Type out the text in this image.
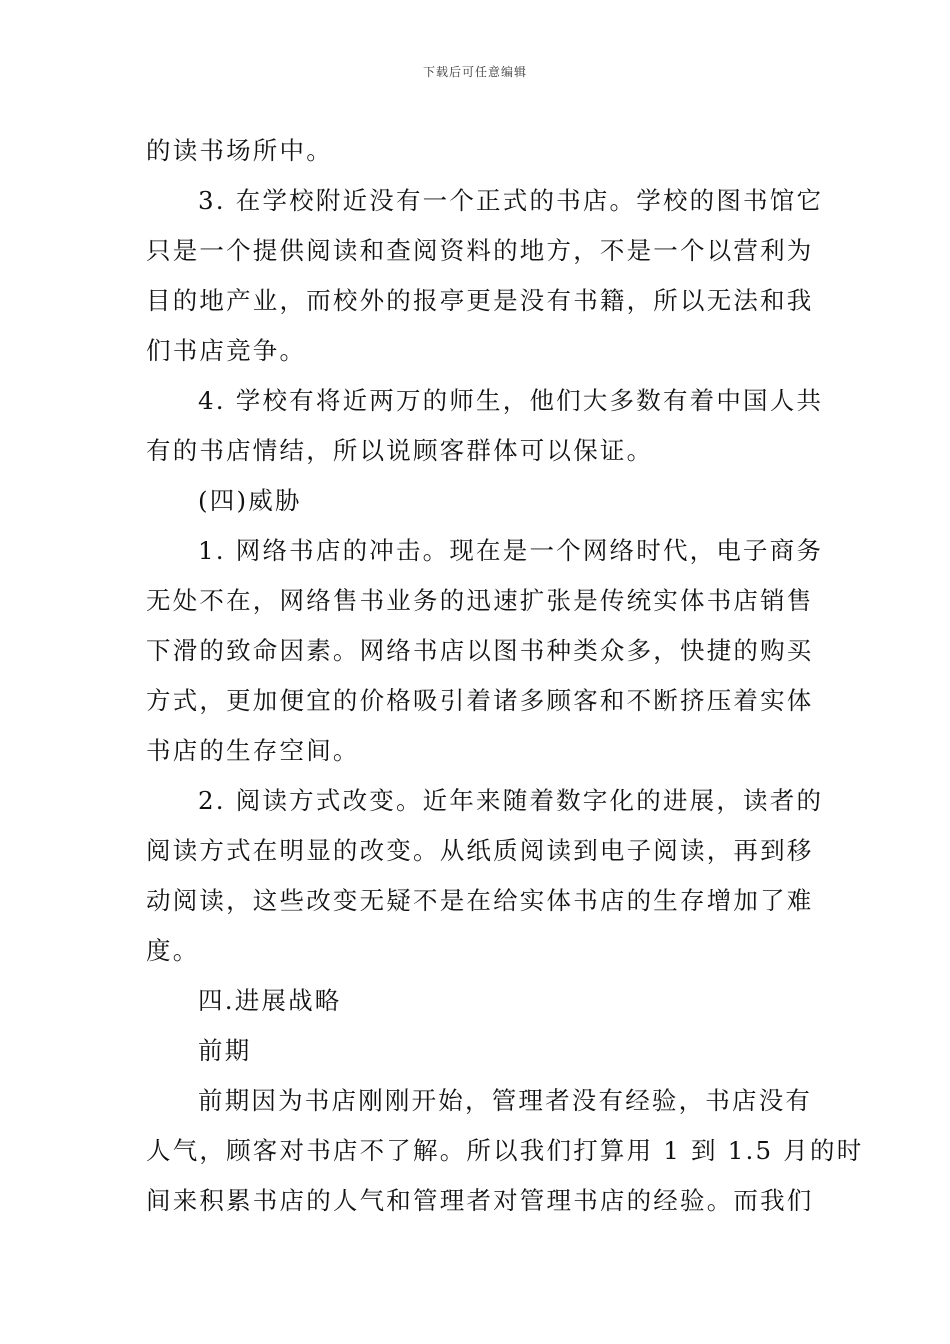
下载后可任意编辑
的读书场所中。
3. 在学校附近没有一个正式的书店。学校的图书馆它
只是一个提供阅读和查阅资料的地方，不是一个以营利为
目的地产业，而校外的报亭更是没有书籍，所以无法和我
们书店竞争。
4. 学校有将近两万的师生，他们大多数有着中国人共
有的书店情结，所以说顾客群体可以保证。
(四)威胁
1. 网络书店的冲击。现在是一个网络时代，电子商务
无处不在，网络售书业务的迅速扩张是传统实体书店销售
下滑的致命因素。网络书店以图书种类众多，快捷的购买
方式，更加便宜的价格吸引着诸多顾客和不断挤压着实体
书店的生存空间。
2. 阅读方式改变。近年来随着数字化的进展，读者的
阅读方式在明显的改变。从纸质阅读到电子阅读，再到移
动阅读，这些改变无疑不是在给实体书店的生存增加了难
度。
四.进展战略
前期
前期因为书店刚刚开始，管理者没有经验，书店没有
人气，顾客对书店不了解。所以我们打算用 1 到 1.5 月的时
间来积累书店的人气和管理者对管理书店的经验。而我们
